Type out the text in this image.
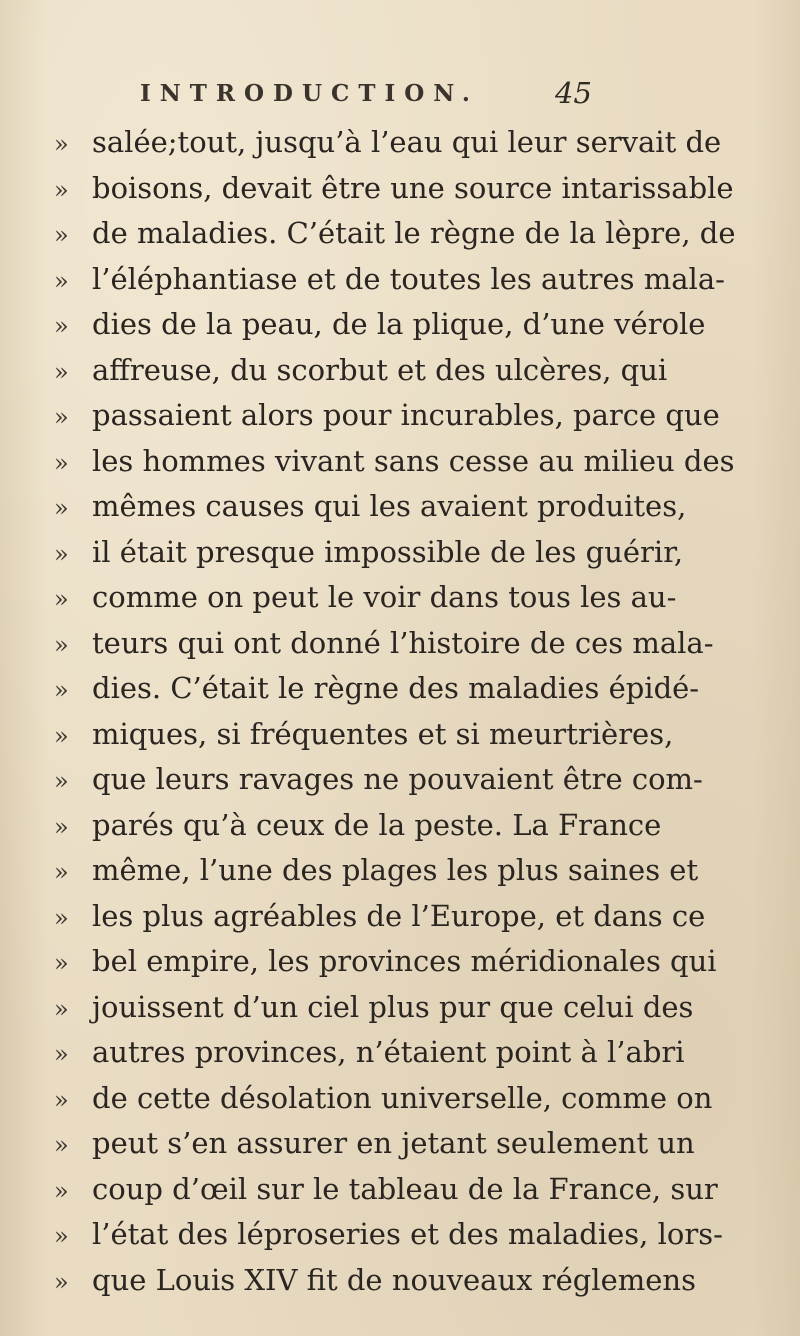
INTRODUCTION.	45
» salée;tout, jusqu’à l’eau qui leur servait de
» boisons, devait être une source intarissable
» de maladies. C’était le règne de la lèpre, de
» l’éléphantiase et de toutes les autres mala-
» dies de la peau, de la plique, d’une vérole
» affreuse, du scorbut et des ulcères, qui
» passaient alors pour incurables, parce que
» les hommes vivant sans cesse au milieu des
» mêmes causes qui les avaient produites,
» il était presque impossible de les guérir,
» comme on peut le voir dans tous les au-
» teurs qui ont donné l’histoire de ces mala-
» dies. C’était le règne des maladies épidé-
» miques, si fréquentes et si meurtrières,
» que leurs ravages ne pouvaient être com-
» parés qu’à ceux de la peste. La France
» même, l’une des plages les plus saines et
» les plus agréables de l’Europe, et dans ce
» bel empire, les provinces méridionales qui
» jouissent d’un ciel plus pur que celui des
» autres provinces, n’étaient point à l’abri
» de cette désolation universelle, comme on
» peut s’en assurer en jetant seulement un
» coup d’œil sur le tableau de la France, sur
» l’état des léproseries et des maladies, lors-
» que Louis XIV fit de nouveaux réglemens
